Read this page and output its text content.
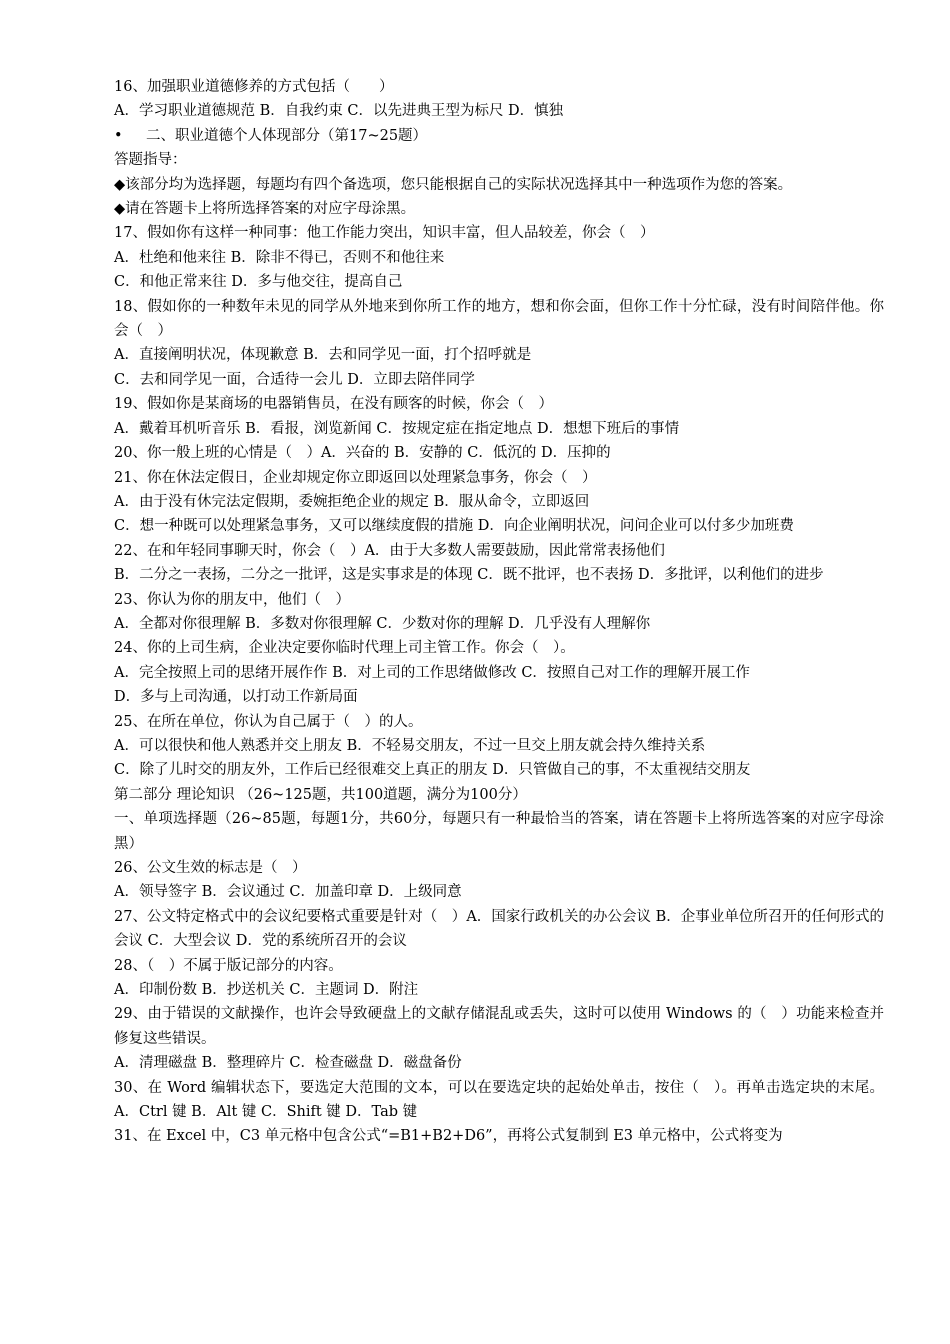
16、加强职业道德修养的方式包括（　　）
A．学习职业道德规范 B．自我约束 C．以先进典王型为标尺 D．慎独
• 二、职业道德个人体现部分（第17~25题）
答题指导：
◆该部分均为选择题，每题均有四个备选项，您只能根据自己的实际状况选择其中一种选项作为您的答案。
◆请在答题卡上将所选择答案的对应字母涂黑。
17、假如你有这样一种同事：他工作能力突出，知识丰富，但人品较差，你会（　）
A．杜绝和他来往 B．除非不得已，否则不和他往来
C．和他正常来往 D．多与他交往，提高自己
18、假如你的一种数年未见的同学从外地来到你所工作的地方，想和你会面，但你工作十分忙碌，没有时间陪伴他。你会（　）
A．直接阐明状况，体现歉意 B．去和同学见一面，打个招呼就是
C．去和同学见一面，合适待一会儿 D．立即去陪伴同学
19、假如你是某商场的电器销售员，在没有顾客的时候，你会（　）
A．戴着耳机听音乐 B．看报，浏览新闻 C．按规定症在指定地点 D．想想下班后的事情
20、你一般上班的心情是（　）A．兴奋的 B．安静的 C．低沉的 D．压抑的
21、你在休法定假日，企业却规定你立即返回以处理紧急事务，你会（　）
A．由于没有休完法定假期，委婉拒绝企业的规定 B．服从命令，立即返回
C．想一种既可以处理紧急事务，又可以继续度假的措施 D．向企业阐明状况，问问企业可以付多少加班费
22、在和年轻同事聊天时，你会（　）A．由于大多数人需要鼓励，因此常常表扬他们
B．二分之一表扬，二分之一批评，这是实事求是的体现 C．既不批评，也不表扬 D．多批评，以利他们的进步
23、你认为你的朋友中，他们（　）
A．全都对你很理解 B．多数对你很理解 C．少数对你的理解 D．几乎没有人理解你
24、你的上司生病，企业决定要你临时代理上司主管工作。你会（　）。
A．完全按照上司的思绪开展作作 B．对上司的工作思绪做修改 C．按照自己对工作的理解开展工作
D．多与上司沟通，以打动工作新局面
25、在所在单位，你认为自己属于（　）的人。
A．可以很快和他人熟悉并交上朋友 B．不轻易交朋友，不过一旦交上朋友就会持久维持关系
C．除了儿时交的朋友外，工作后已经很难交上真正的朋友 D．只管做自己的事，不太重视结交朋友
第二部分 理论知识 （26~125题，共100道题，满分为100分）
一、单项选择题（26~85题，每题1分，共60分，每题只有一种最恰当的答案，请在答题卡上将所选答案的对应字母涂黑）
26、公文生效的标志是（　）
A．领导签字 B．会议通过 C．加盖印章 D．上级同意
27、公文特定格式中的会议纪要格式重要是针对（　）A．国家行政机关的办公会议 B．企事业单位所召开的任何形式的会议 C．大型会议 D．党的系统所召开的会议
28、（　）不属于版记部分的内容。
A．印制份数 B．抄送机关 C．主题词 D．附注
29、由于错误的文献操作，也许会导致硬盘上的文献存储混乱或丢失，这时可以使用 Windows 的（　）功能来检查并修复这些错误。
A．清理磁盘 B．整理碎片 C．检查磁盘 D．磁盘备份
30、在 Word 编辑状态下，要选定大范围的文本，可以在要选定块的起始处单击，按住（　）。再单击选定块的末尾。 A．Ctrl 键 B．Alt 键 C．Shift 键 D．Tab 键
31、在 Excel 中，C3 单元格中包含公式“=B1+B2+D6”，再将公式复制到 E3 单元格中，公式将变为
